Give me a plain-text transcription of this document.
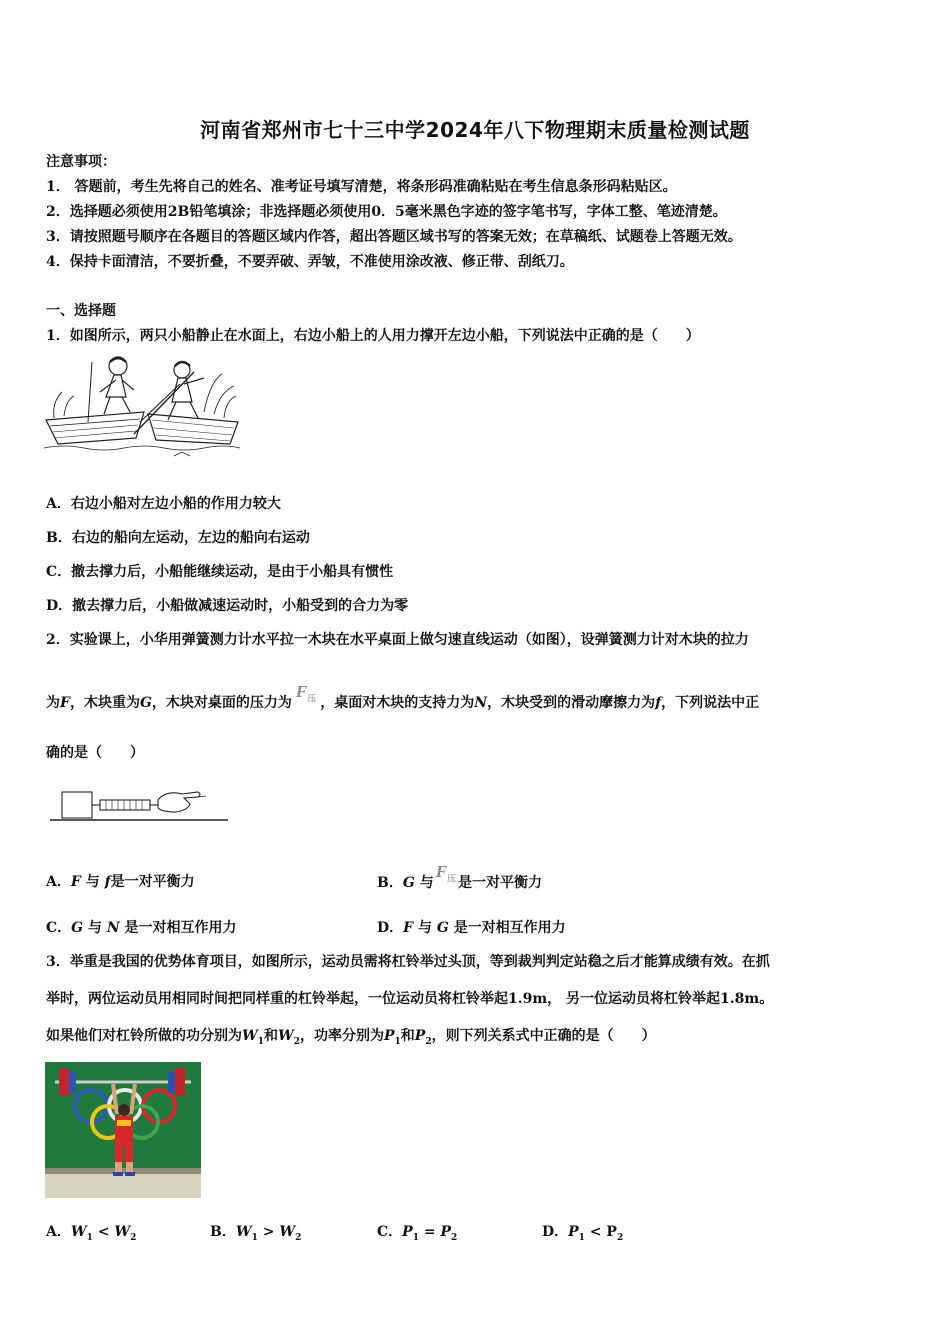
河南省郑州市七十三中学2024年八下物理期末质量检测试题
注意事项：
1． 答题前，考生先将自己的姓名、准考证号填写清楚，将条形码准确粘贴在考生信息条形码粘贴区。
2．选择题必须使用2B铅笔填涂；非选择题必须使用0．5毫米黑色字迹的签字笔书写，字体工整、笔迹清楚。
3．请按照题号顺序在各题目的答题区域内作答，超出答题区域书写的答案无效；在草稿纸、试题卷上答题无效。
4．保持卡面清洁，不要折叠，不要弄破、弄皱，不准使用涂改液、修正带、刮纸刀。
一、选择题
1．如图所示，两只小船静止在水面上，右边小船上的人用力撑开左边小船，下列说法中正确的是（　　）
A．右边小船对左边小船的作用力较大
B．右边的船向左运动，左边的船向右运动
C．撤去撑力后，小船能继续运动，是由于小船具有惯性
D．撤去撑力后，小船做减速运动时，小船受到的合力为零
2．实验课上，小华用弹簧测力计水平拉一木块在水平桌面上做匀速直线运动（如图），设弹簧测力计对木块的拉力
为F，木块重为G，木块对桌面的压力为$F_压$ ，桌面对木块的支持力为N，木块受到的滑动摩擦力为f，下列说法中正
确的是（　　）
A．F 与 f是一对平衡力	B．G 与$F_压$ 是一对平衡力
C．G 与 N 是一对相互作用力	D．F 与 G 是一对相互作用力
3．举重是我国的优势体育项目，如图所示，运动员需将杠铃举过头顶，等到裁判判定站稳之后才能算成绩有效。在抓
举时，两位运动员用相同时间把同样重的杠铃举起，一位运动员将杠铃举起1.9m， 另一位运动员将杠铃举起1.8m。
如果他们对杠铃所做的功分别为$W_1$和$W_2$，功率分别为$P_1$和$P_2$，则下列关系式中正确的是（　　）
A．$W_1 < W_2$	B．$W_1 > W_2$	C．$P_1 = P_2$	D．$P_1 < P_2$
